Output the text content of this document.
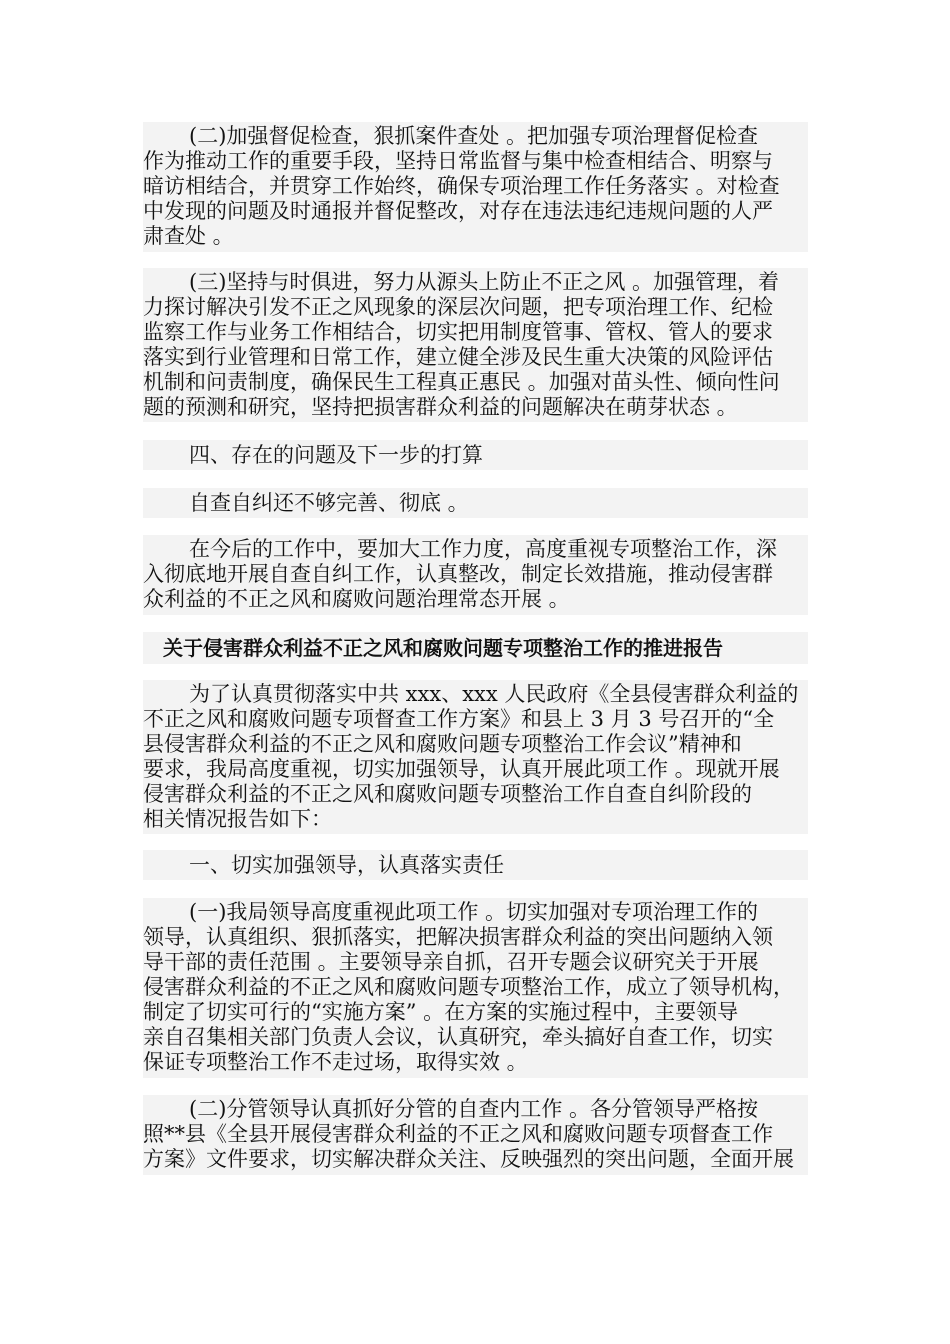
(二)加强督促检查，狠抓案件查处 。把加强专项治理督促检查
作为推动工作的重要手段，坚持日常监督与集中检查相结合、明察与
暗访相结合，并贯穿工作始终，确保专项治理工作任务落实 。对检查
中发现的问题及时通报并督促整改，对存在违法违纪违规问题的人严
肃查处 。
(三)坚持与时俱进，努力从源头上防止不正之风 。加强管理，着
力探讨解决引发不正之风现象的深层次问题，把专项治理工作、纪检
监察工作与业务工作相结合，切实把用制度管事、管权、管人的要求
落实到行业管理和日常工作，建立健全涉及民生重大决策的风险评估
机制和问责制度，确保民生工程真正惠民 。加强对苗头性、倾向性问
题的预测和研究，坚持把损害群众利益的问题解决在萌芽状态 。
四、存在的问题及下一步的打算
自查自纠还不够完善、彻底 。
在今后的工作中，要加大工作力度，高度重视专项整治工作，深
入彻底地开展自查自纠工作，认真整改，制定长效措施，推动侵害群
众利益的不正之风和腐败问题治理常态开展 。
关于侵害群众利益不正之风和腐败问题专项整治工作的推进报告
为了认真贯彻落实中共 xxx、xxx 人民政府《全县侵害群众利益的
不正之风和腐败问题专项督查工作方案》和县上 3 月 3 号召开的“全
县侵害群众利益的不正之风和腐败问题专项整治工作会议”精神和
要求，我局高度重视，切实加强领导，认真开展此项工作 。现就开展
侵害群众利益的不正之风和腐败问题专项整治工作自查自纠阶段的
相关情况报告如下：
一、切实加强领导，认真落实责任
(一)我局领导高度重视此项工作 。切实加强对专项治理工作的
领导，认真组织、狠抓落实，把解决损害群众利益的突出问题纳入领
导干部的责任范围 。主要领导亲自抓，召开专题会议研究关于开展
侵害群众利益的不正之风和腐败问题专项整治工作，成立了领导机构，
制定了切实可行的“实施方案” 。在方案的实施过程中，主要领导
亲自召集相关部门负责人会议，认真研究，牵头搞好自查工作，切实
保证专项整治工作不走过场，取得实效 。
(二)分管领导认真抓好分管的自查内工作 。各分管领导严格按
照**县《全县开展侵害群众利益的不正之风和腐败问题专项督查工作
方案》文件要求，切实解决群众关注、反映强烈的突出问题，全面开展
